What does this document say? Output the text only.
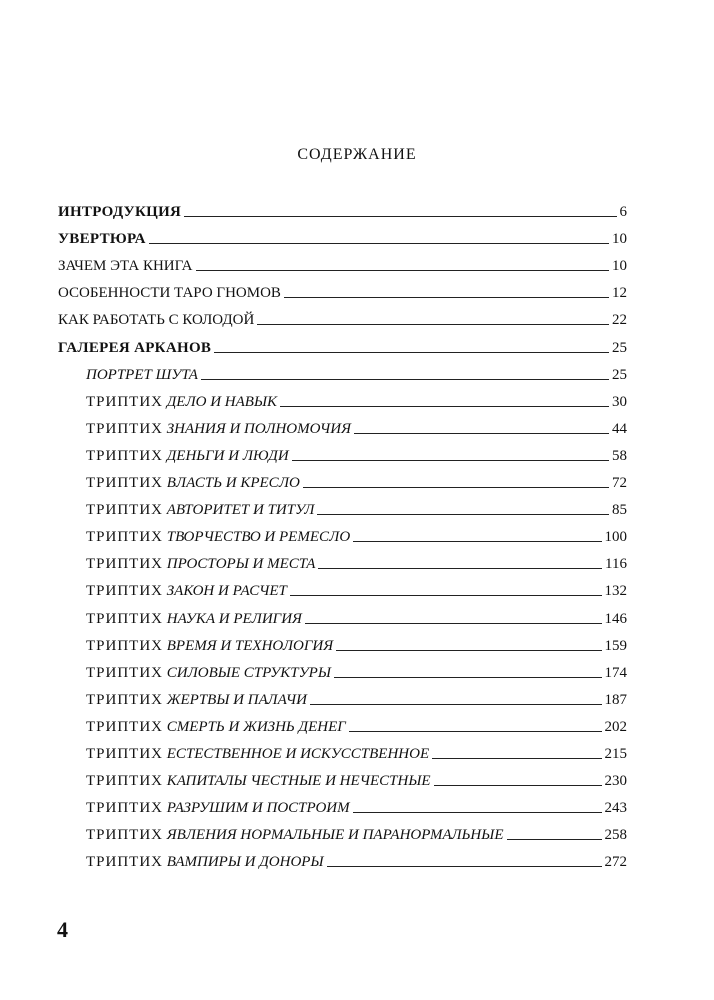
СОДЕРЖАНИЕ
ИНТРОДУКЦИЯ	6
УВЕРТЮРА	10
ЗАЧЕМ ЭТА КНИГА	10
ОСОБЕННОСТИ ТАРО ГНОМОВ	12
КАК РАБОТАТЬ С КОЛОДОЙ	22
ГАЛЕРЕЯ АРКАНОВ	25
ПОРТРЕТ ШУТА	25
ТРИПТИХ ДЕЛО И НАВЫК	30
ТРИПТИХ ЗНАНИЯ И ПОЛНОМОЧИЯ	44
ТРИПТИХ ДЕНЬГИ И ЛЮДИ	58
ТРИПТИХ ВЛАСТЬ И КРЕСЛО	72
ТРИПТИХ АВТОРИТЕТ И ТИТУЛ	85
ТРИПТИХ ТВОРЧЕСТВО И РЕМЕСЛО	100
ТРИПТИХ ПРОСТОРЫ И МЕСТА	116
ТРИПТИХ ЗАКОН И РАСЧЕТ	132
ТРИПТИХ НАУКА И РЕЛИГИЯ	146
ТРИПТИХ ВРЕМЯ И ТЕХНОЛОГИЯ	159
ТРИПТИХ СИЛОВЫЕ СТРУКТУРЫ	174
ТРИПТИХ ЖЕРТВЫ И ПАЛАЧИ	187
ТРИПТИХ СМЕРТЬ И ЖИЗНЬ ДЕНЕГ	202
ТРИПТИХ ЕСТЕСТВЕННОЕ И ИСКУССТВЕННОЕ	215
ТРИПТИХ КАПИТАЛЫ ЧЕСТНЫЕ И НЕЧЕСТНЫЕ	230
ТРИПТИХ РАЗРУШИМ И ПОСТРОИМ	243
ТРИПТИХ ЯВЛЕНИЯ НОРМАЛЬНЫЕ И ПАРАНОРМАЛЬНЫЕ	258
ТРИПТИХ ВАМПИРЫ И ДОНОРЫ	272
4
